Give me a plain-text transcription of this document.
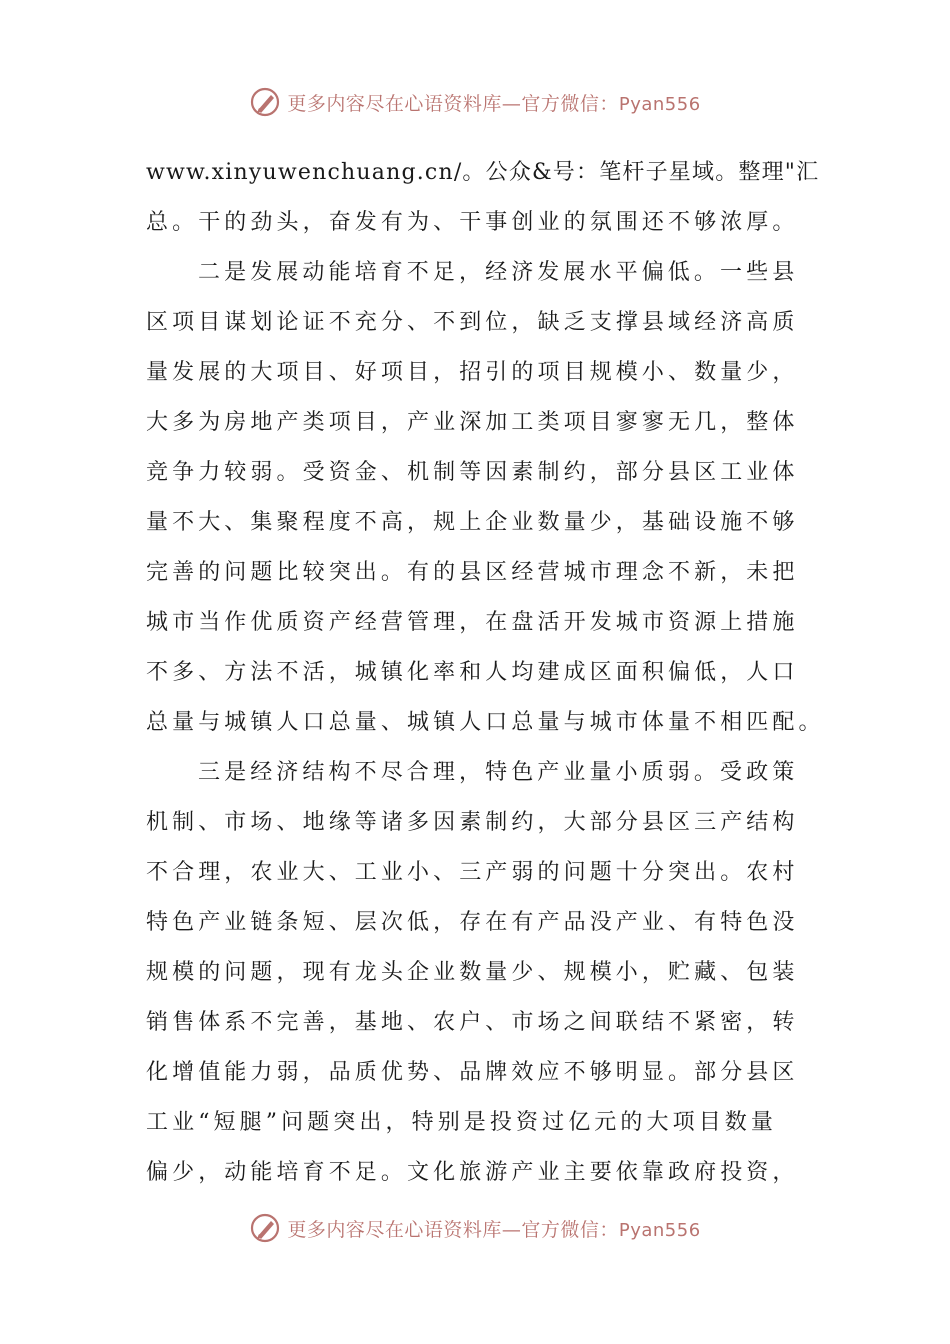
更多内容尽在心语资料库—官方微信：Pyan556
www.xinyuwenchuang.cn/。公众&号：笔杆子星域。整理"汇
总。干的劲头，奋发有为、干事创业的氛围还不够浓厚。
二是发展动能培育不足，经济发展水平偏低。一些县
区项目谋划论证不充分、不到位，缺乏支撑县域经济高质
量发展的大项目、好项目，招引的项目规模小、数量少，
大多为房地产类项目，产业深加工类项目寥寥无几，整体
竞争力较弱。受资金、机制等因素制约，部分县区工业体
量不大、集聚程度不高，规上企业数量少，基础设施不够
完善的问题比较突出。有的县区经营城市理念不新，未把
城市当作优质资产经营管理，在盘活开发城市资源上措施
不多、方法不活，城镇化率和人均建成区面积偏低，人口
总量与城镇人口总量、城镇人口总量与城市体量不相匹配。
三是经济结构不尽合理，特色产业量小质弱。受政策
机制、市场、地缘等诸多因素制约，大部分县区三产结构
不合理，农业大、工业小、三产弱的问题十分突出。农村
特色产业链条短、层次低，存在有产品没产业、有特色没
规模的问题，现有龙头企业数量少、规模小，贮藏、包装
销售体系不完善，基地、农户、市场之间联结不紧密，转
化增值能力弱，品质优势、品牌效应不够明显。部分县区
工业“短腿”问题突出，特别是投资过亿元的大项目数量
偏少，动能培育不足。文化旅游产业主要依靠政府投资，
更多内容尽在心语资料库—官方微信：Pyan556
